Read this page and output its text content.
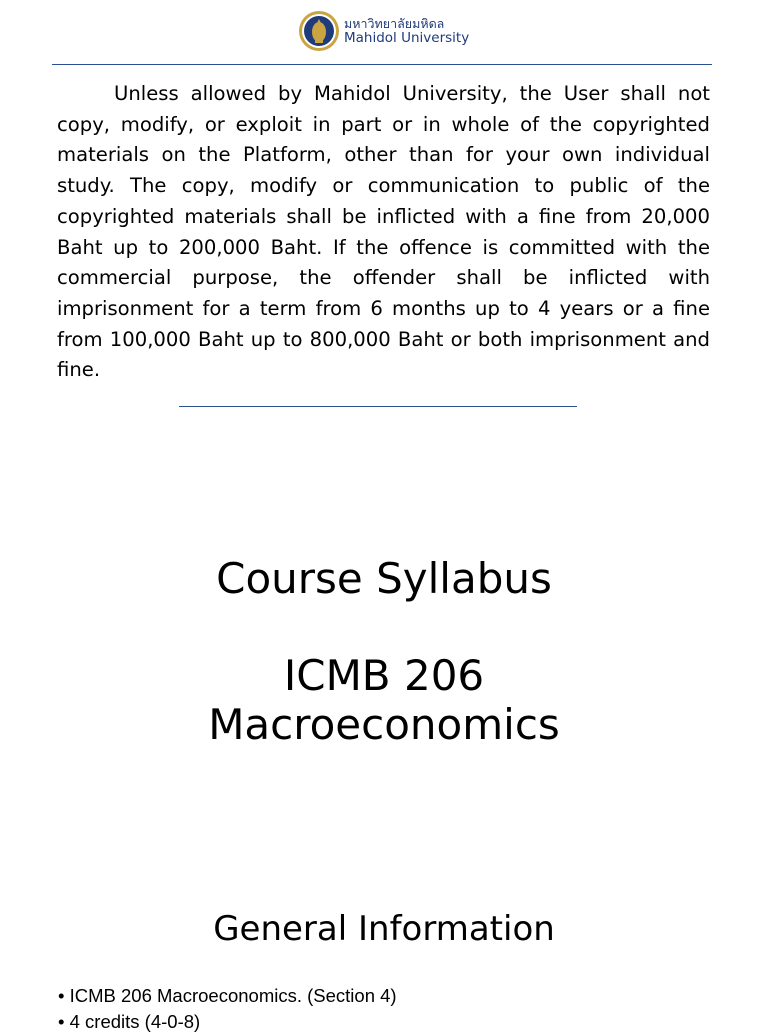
มหาวิทยาลัยมหิดล
Mahidol University

Unless allowed by Mahidol University, the User shall not copy, modify, or exploit in part or in whole of the copyrighted materials on the Platform, other than for your own individual study. The copy, modify or communication to public of the copyrighted materials shall be inflicted with a fine from 20,000 Baht up to 200,000 Baht. If the offence is committed with the commercial purpose, the offender shall be inflicted with imprisonment for a term from 6 months up to 4 years or a fine from 100,000 Baht up to 800,000 Baht or both imprisonment and fine.

Course Syllabus
ICMB 206
Macroeconomics
General Information
• ICMB 206 Macroeconomics. (Section 4)
• 4 credits (4-0-8)
